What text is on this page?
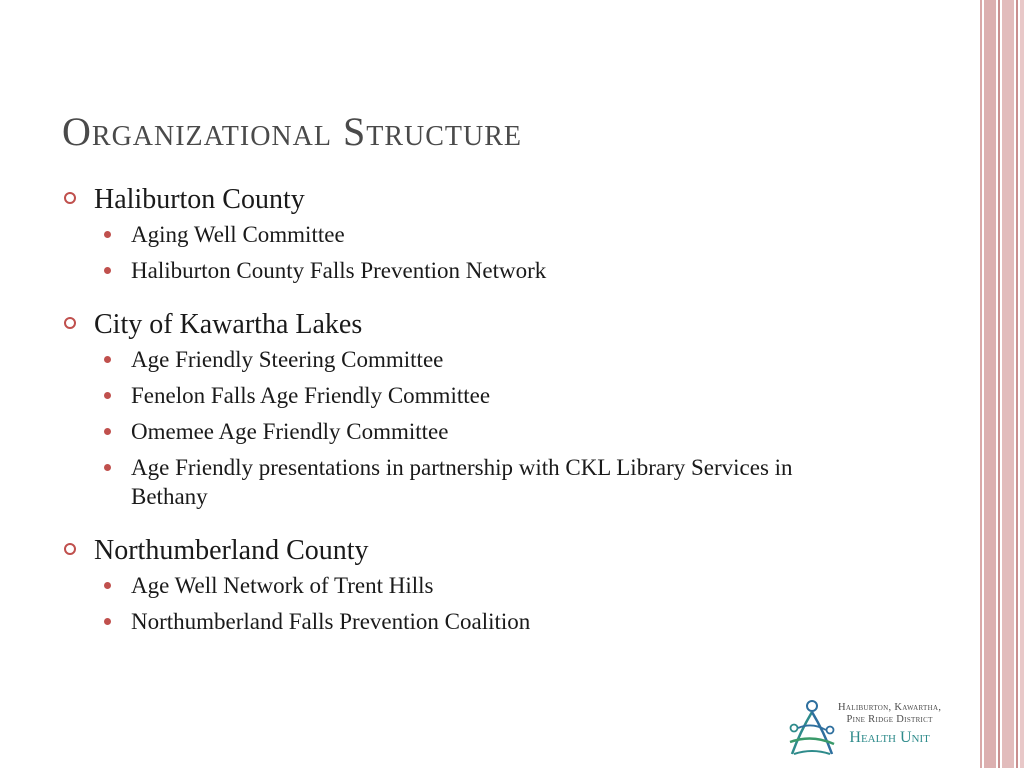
Organizational Structure
Haliburton County
Aging Well Committee
Haliburton County Falls Prevention Network
City of Kawartha Lakes
Age Friendly Steering Committee
Fenelon Falls Age Friendly Committee
Omemee Age Friendly Committee
Age Friendly presentations in partnership with CKL Library Services in Bethany
Northumberland County
Age Well Network of Trent Hills
Northumberland Falls Prevention Coalition
Haliburton, Kawartha,
Pine Ridge District
Health Unit
